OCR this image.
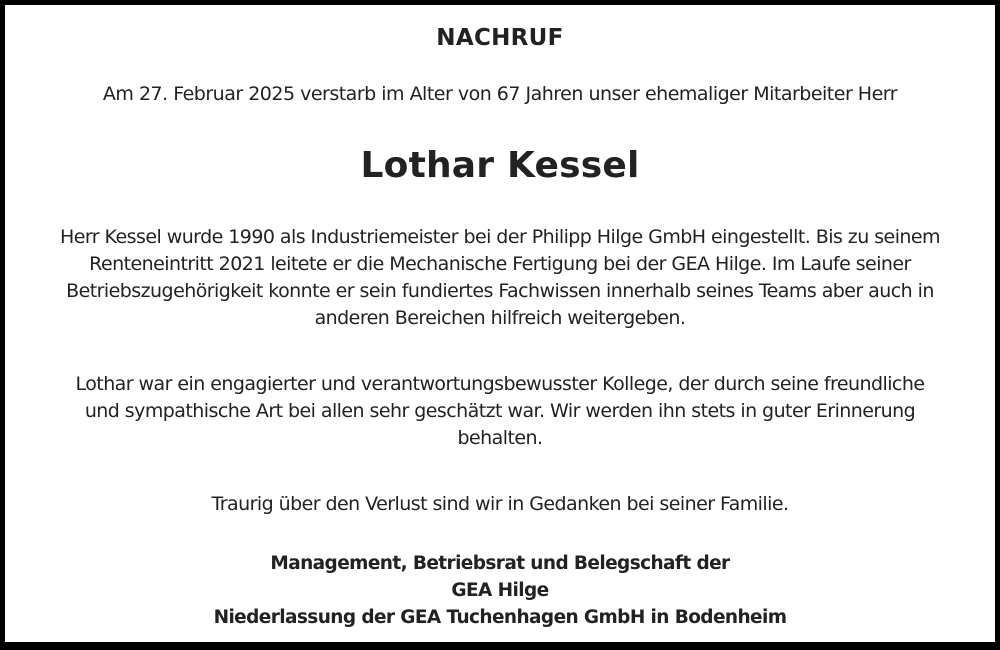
NACHRUF
Am 27. Februar 2025 verstarb im Alter von 67 Jahren unser ehemaliger Mitarbeiter Herr
Lothar Kessel
Herr Kessel wurde 1990 als Industriemeister bei der Philipp Hilge GmbH eingestellt. Bis zu seinem
Renteneintritt 2021 leitete er die Mechanische Fertigung bei der GEA Hilge. Im Laufe seiner
Betriebszugehörigkeit konnte er sein fundiertes Fachwissen innerhalb seines Teams aber auch in
anderen Bereichen hilfreich weitergeben.
Lothar war ein engagierter und verantwortungsbewusster Kollege, der durch seine freundliche
und sympathische Art bei allen sehr geschätzt war. Wir werden ihn stets in guter Erinnerung
behalten.
Traurig über den Verlust sind wir in Gedanken bei seiner Familie.
Management, Betriebsrat und Belegschaft der
GEA Hilge
Niederlassung der GEA Tuchenhagen GmbH in Bodenheim
